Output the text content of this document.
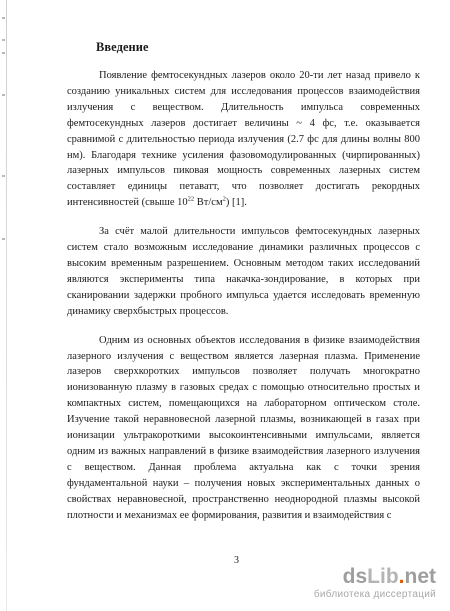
Введение

Появление фемтосекундных лазеров около 20-ти лет назад привело к созданию уникальных систем для исследования процессов взаимодействия излучения с веществом. Длительность импульса современных фемтосекундных лазеров достигает величины ~ 4 фс, т.е. оказывается сравнимой с длительностью периода излучения (2.7 фс для длины волны 800 нм). Благодаря технике усиления фазовомодулированных (чирпированных) лазерных импульсов пиковая мощность современных лазерных систем составляет единицы петаватт, что позволяет достигать рекордных интенсивностей (свыше $10^{22}$ $Вт/см^2$) [1].

За счёт малой длительности импульсов фемтосекундных лазерных систем стало возможным исследование динамики различных процессов с высоким временным разрешением. Основным методом таких исследований являются эксперименты типа накачка-зондирование, в которых при сканировании задержки пробного импульса удается исследовать временную динамику сверхбыстрых процессов.

Одним из основных объектов исследования в физике взаимодействия лазерного излучения с веществом является лазерная плазма. Применение лазеров сверхкоротких импульсов позволяет получать многократно ионизованную плазму в газовых средах с помощью относительно простых и компактных систем, помещающихся на лабораторном оптическом столе. Изучение такой неравновесной лазерной плазмы, возникающей в газах при ионизации ультракороткими высокоинтенсивными импульсами, является одним из важных направлений в физике взаимодействия лазерного излучения с веществом. Данная проблема актуальна как с точки зрения фундаментальной науки – получения новых экспериментальных данных о свойствах неравновесной, пространственно неоднородной плазмы высокой плотности и механизмах ее формирования, развития и взаимодействия с

3
dsLib.net
библиотека диссертаций
